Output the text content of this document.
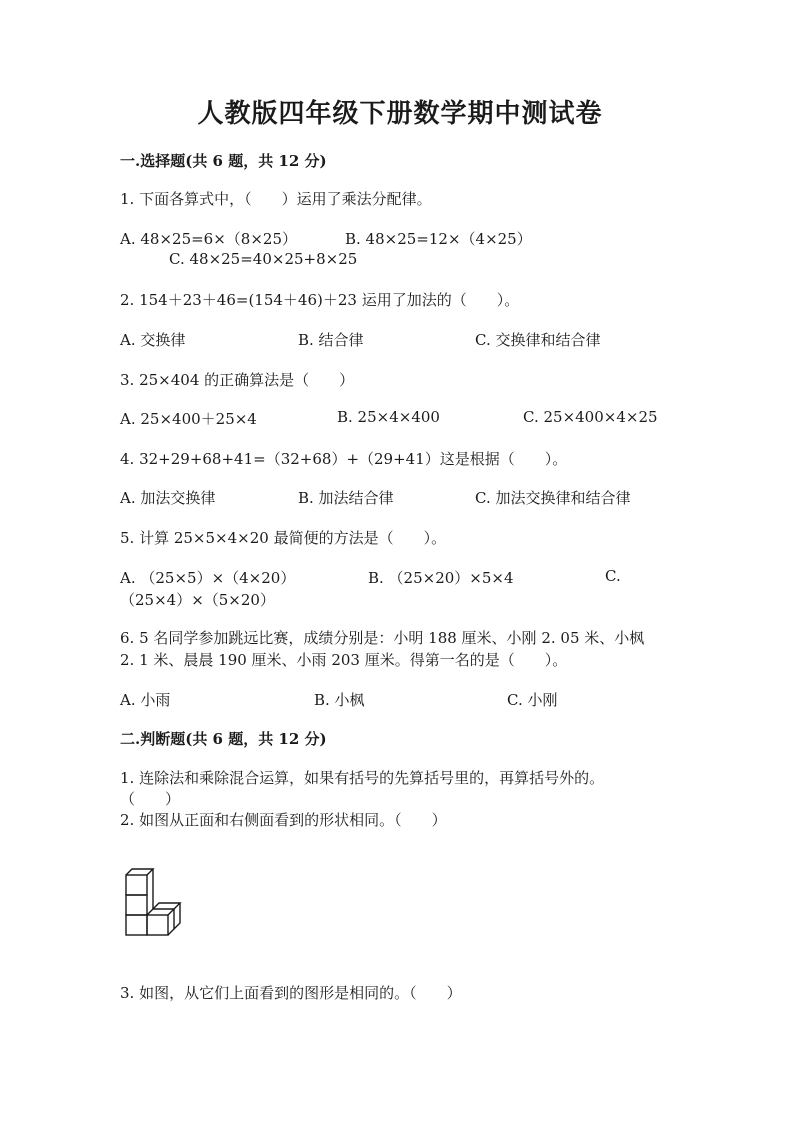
人教版四年级下册数学期中测试卷
一.选择题(共 6 题，共 12 分)
1. 下面各算式中，（　　）运用了乘法分配律。
A. 48×25=6×（8×25）	B. 48×25=12×（4×25）
C. 48×25=40×25+8×25
2. 154＋23＋46=(154＋46)＋23 运用了加法的（　　）。
A. 交换律	B. 结合律	C. 交换律和结合律
3. 25×404 的正确算法是（　　）
A. 25×400＋25×4	B. 25×4×400	C. 25×400×4×25
4. 32+29+68+41=（32+68）+（29+41）这是根据（　　）。
A. 加法交换律	B. 加法结合律	C. 加法交换律和结合律
5. 计算 25×5×4×20 最简便的方法是（　　）。
A. （25×5）×（4×20）	B. （25×20）×5×4	C.
（25×4）×（5×20）
6. 5 名同学参加跳远比赛，成绩分别是：小明 188 厘米、小刚 2. 05 米、小枫
2. 1 米、晨晨 190 厘米、小雨 203 厘米。得第一名的是（　　）。
A. 小雨	B. 小枫	C. 小刚
二.判断题(共 6 题，共 12 分)
1. 连除法和乘除混合运算，如果有括号的先算括号里的，再算括号外的。
（　　）
2. 如图从正面和右侧面看到的形状相同。（　　）
3. 如图，从它们上面看到的图形是相同的。（　　）
